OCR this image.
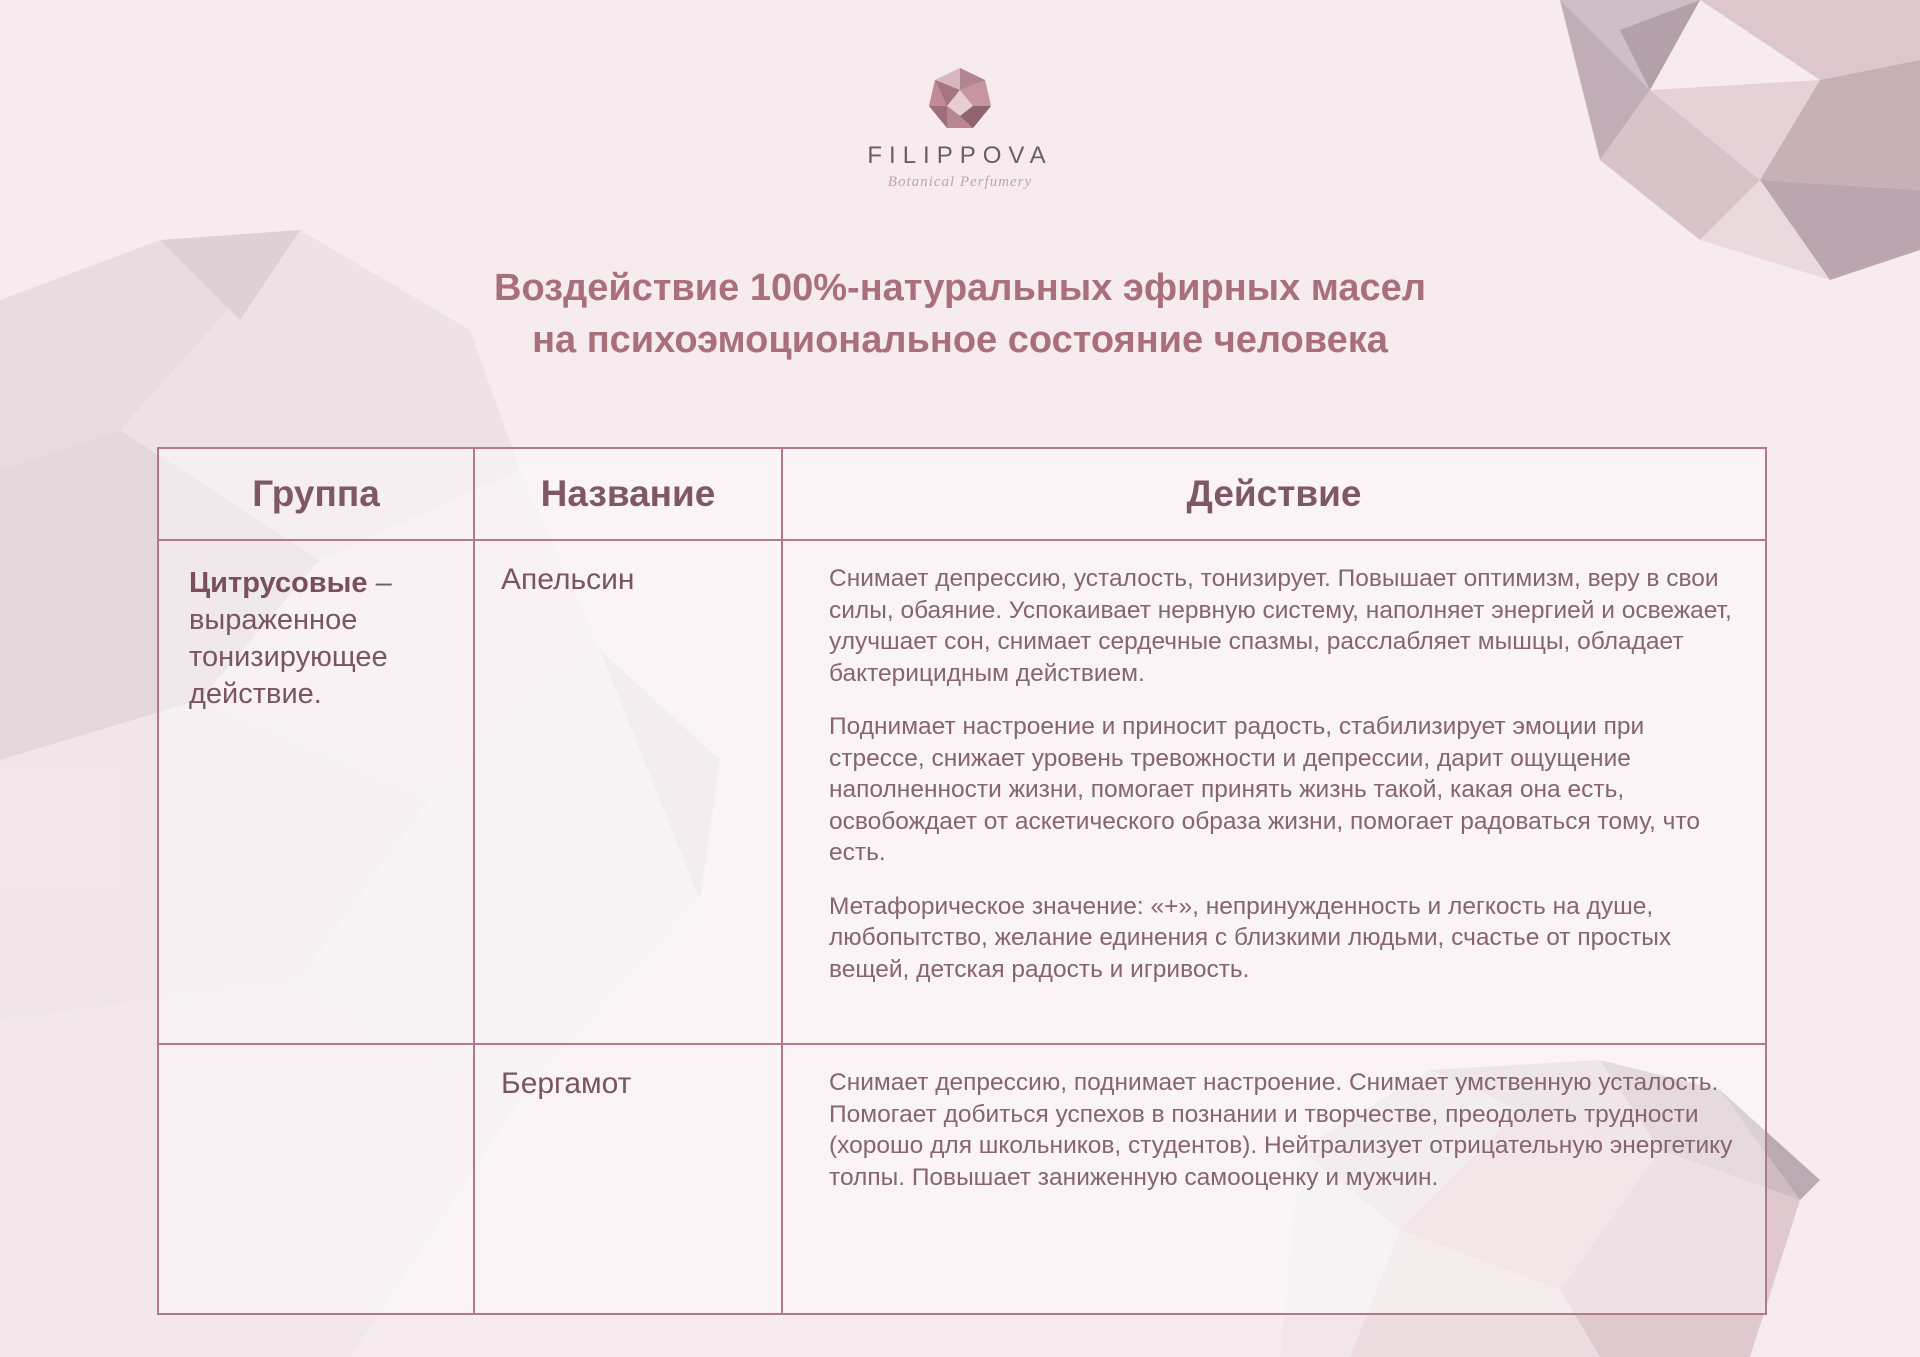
FILIPPOVA
Botanical Perfumery
Воздействие 100%-натуральных эфирных масел
на психоэмоциональное состояние человека
Группа	Название	Действие
Цитрусовые – выраженное тонизирующее действие.	Апельсин	Снимает депрессию, усталость, тонизирует. Повышает оптимизм, веру в свои силы, обаяние. Успокаивает нервную систему, наполняет энергией и освежает, улучшает сон, снимает сердечные спазмы, расслабляет мышцы, обладает бактерицидным действием.

Поднимает настроение и приносит радость, стабилизирует эмоции при стрессе, снижает уровень тревожности и депрессии, дарит ощущение наполненности жизни, помогает принять жизнь такой, какая она есть, освобождает от аскетического образа жизни, помогает радоваться тому, что есть.

Метафорическое значение: «+», непринужденность и легкость на душе, любопытство, желание единения с близкими людьми, счастье от простых вещей, детская радость и игривость.

	Бергамот	Снимает депрессию, поднимает настроение. Снимает умственную усталость. Помогает добиться успехов в познании и творчестве, преодолеть трудности (хорошо для школьников, студентов). Нейтрализует отрицательную энергетику толпы. Повышает заниженную самооценку и мужчин.
